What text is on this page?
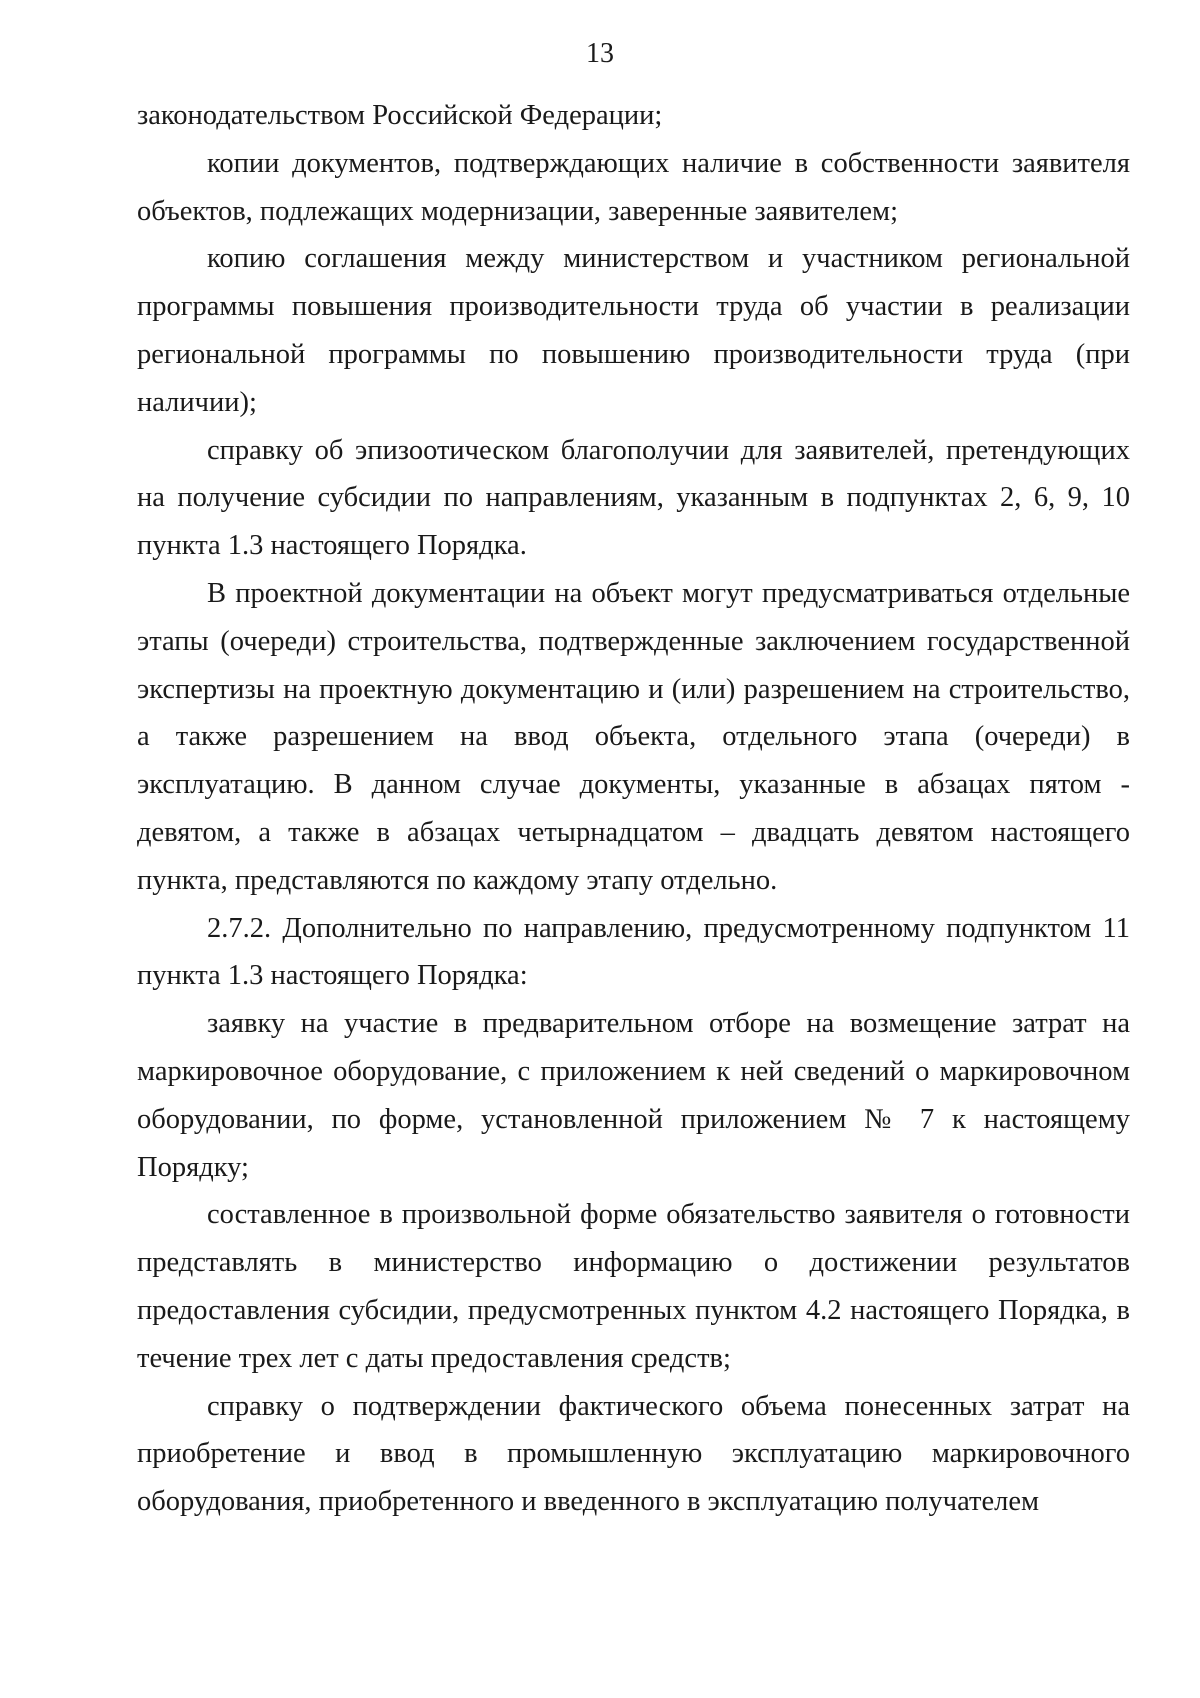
13

законодательством Российской Федерации;

копии документов, подтверждающих наличие в собственности заявителя объектов, подлежащих модернизации, заверенные заявителем;

копию соглашения между министерством и участником региональной программы повышения производительности труда об участии в реализации региональной программы по повышению производительности труда (при наличии);

справку об эпизоотическом благополучии для заявителей, претендующих на получение субсидии по направлениям, указанным в подпунктах 2, 6, 9, 10 пункта 1.3 настоящего Порядка.

В проектной документации на объект могут предусматриваться отдельные этапы (очереди) строительства, подтвержденные заключением государственной экспертизы на проектную документацию и (или) разрешением на строительство, а также разрешением на ввод объекта, отдельного этапа (очереди) в эксплуатацию. В данном случае документы, указанные в абзацах пятом - девятом, а также в абзацах четырнадцатом – двадцать девятом настоящего пункта, представляются по каждому этапу отдельно.

2.7.2. Дополнительно по направлению, предусмотренному подпунктом 11 пункта 1.3 настоящего Порядка:

заявку на участие в предварительном отборе на возмещение затрат на маркировочное оборудование, с приложением к ней сведений о маркировочном оборудовании, по форме, установленной приложением № 7 к настоящему Порядку;

составленное в произвольной форме обязательство заявителя о готовности представлять в министерство информацию о достижении результатов предоставления субсидии, предусмотренных пунктом 4.2 настоящего Порядка, в течение трех лет с даты предоставления средств;

справку о подтверждении фактического объема понесенных затрат на приобретение и ввод в промышленную эксплуатацию маркировочного оборудования, приобретенного и введенного в эксплуатацию получателем
